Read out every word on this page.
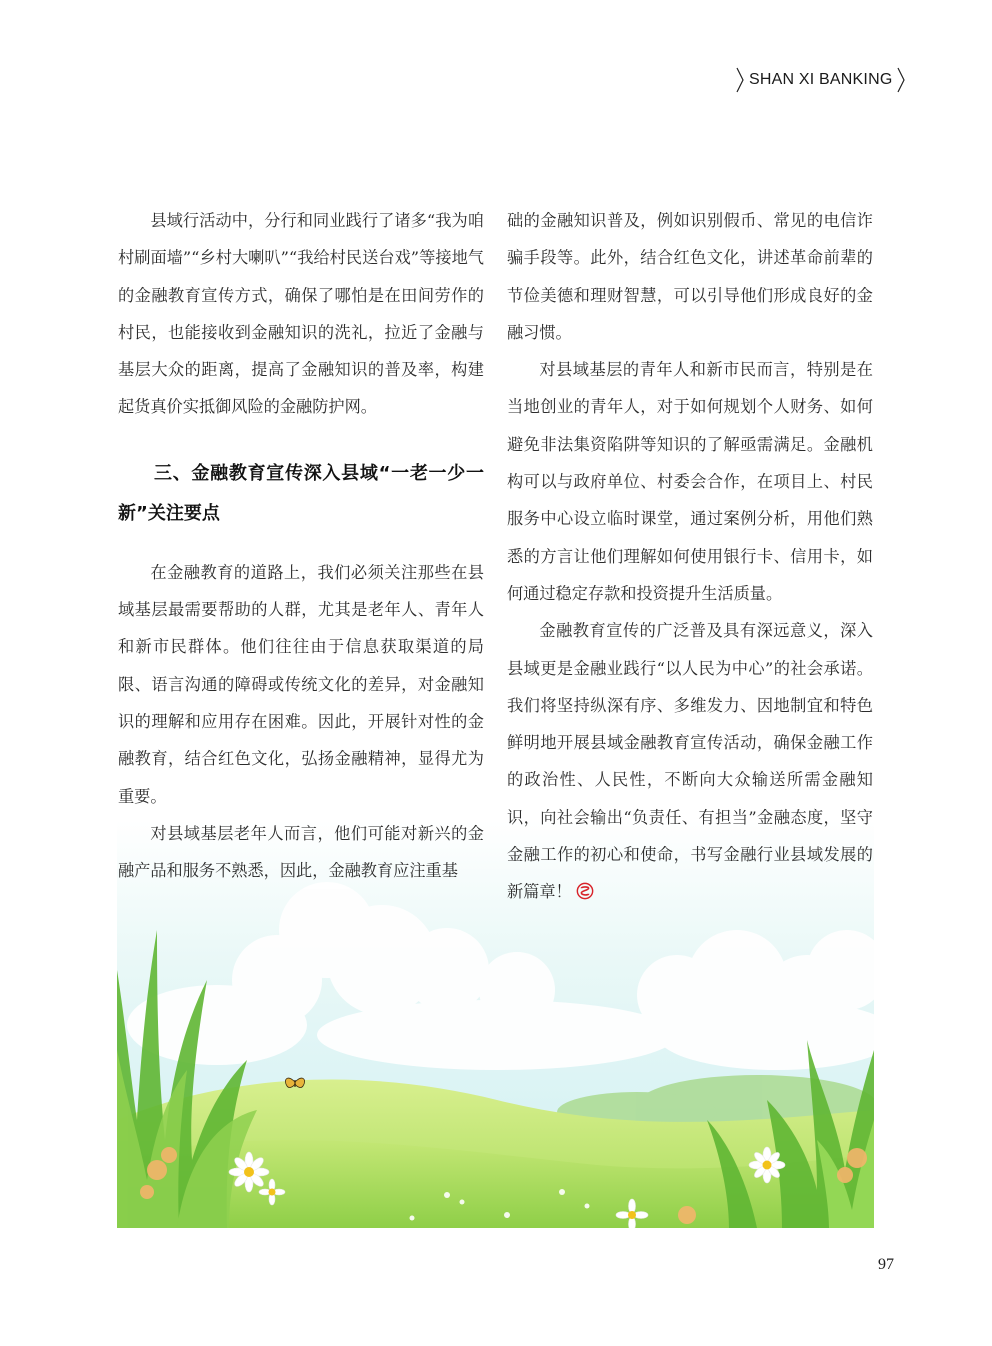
SHAN XI BANKING

县域行活动中，分行和同业践行了诸多“我为咱村刷面墙”“乡村大喇叭”“我给村民送台戏”等接地气的金融教育宣传方式，确保了哪怕是在田间劳作的村民，也能接收到金融知识的洗礼，拉近了金融与基层大众的距离，提高了金融知识的普及率，构建起货真价实抵御风险的金融防护网。

三、金融教育宣传深入县域“一老一少一新”关注要点

在金融教育的道路上，我们必须关注那些在县域基层最需要帮助的人群，尤其是老年人、青年人和新市民群体。他们往往由于信息获取渠道的局限、语言沟通的障碍或传统文化的差异，对金融知识的理解和应用存在困难。因此，开展针对性的金融教育，结合红色文化，弘扬金融精神，显得尤为重要。

对县域基层老年人而言，他们可能对新兴的金融产品和服务不熟悉，因此，金融教育应注重基

础的金融知识普及，例如识别假币、常见的电信诈骗手段等。此外，结合红色文化，讲述革命前辈的节俭美德和理财智慧，可以引导他们形成良好的金融习惯。

对县域基层的青年人和新市民而言，特别是在当地创业的青年人，对于如何规划个人财务、如何避免非法集资陷阱等知识的了解亟需满足。金融机构可以与政府单位、村委会合作，在项目上、村民服务中心设立临时课堂，通过案例分析，用他们熟悉的方言让他们理解如何使用银行卡、信用卡，如何通过稳定存款和投资提升生活质量。

金融教育宣传的广泛普及具有深远意义，深入县域更是金融业践行“以人民为中心”的社会承诺。我们将坚持纵深有序、多维发力、因地制宜和特色鲜明地开展县域金融教育宣传活动，确保金融工作的政治性、人民性，不断向大众输送所需金融知识，向社会输出“负责任、有担当”金融态度，坚守金融工作的初心和使命，书写金融行业县域发展的新篇章！

97
